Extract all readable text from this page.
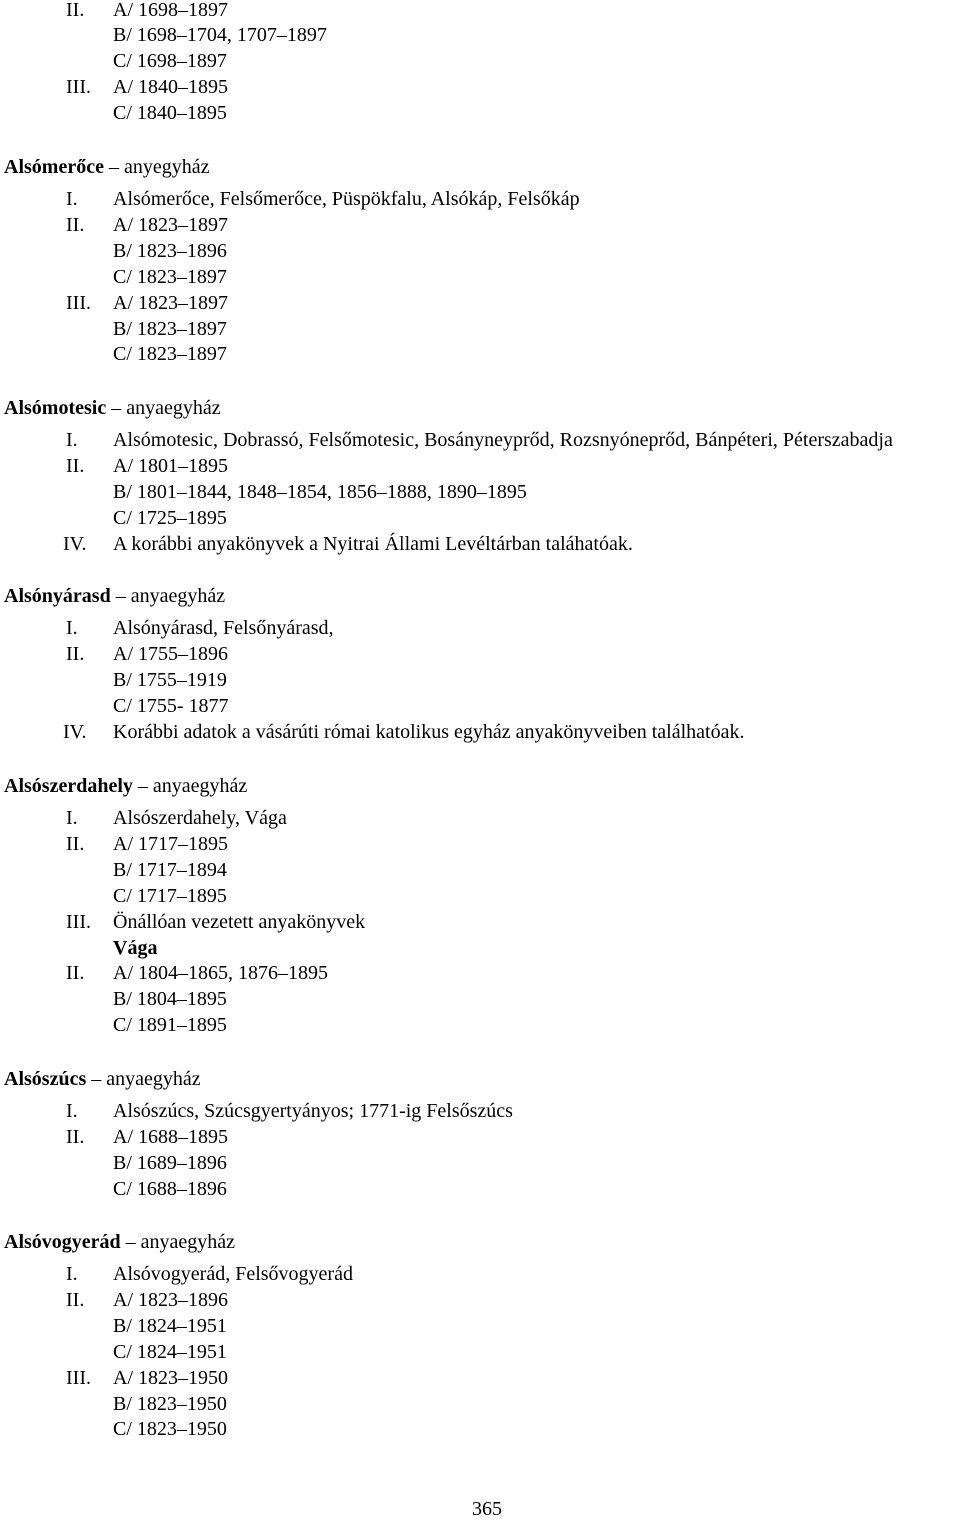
II. A/ 1698–1897
B/ 1698–1704, 1707–1897
C/ 1698–1897
III. A/ 1840–1895
C/ 1840–1895
Alsómerőce – anyegyház
I. Alsómerőce, Felsőmerőce, Püspökfalu, Alsókáp, Felsőkáp
II. A/ 1823–1897
B/ 1823–1896
C/ 1823–1897
III. A/ 1823–1897
B/ 1823–1897
C/ 1823–1897
Alsómotesic – anyaegyház
I. Alsómotesic, Dobrassó, Felsőmotesic, Bosányneyprőd, Rozsnyóneprőd, Bánpéteri, Péterszabadja
II. A/ 1801–1895
B/ 1801–1844, 1848–1854, 1856–1888, 1890–1895
C/ 1725–1895
IV. A korábbi anyakönyvek a Nyitrai Állami Levéltárban taláhatóak.
Alsónyárasd – anyaegyház
I. Alsónyárasd, Felsőnyárasd,
II. A/ 1755–1896
B/ 1755–1919
C/ 1755- 1877
IV. Korábbi adatok a vásárúti római katolikus egyház anyakönyveiben találhatóak.
Alsószerdahely – anyaegyház
I. Alsószerdahely, Vága
II. A/ 1717–1895
B/ 1717–1894
C/ 1717–1895
III. Önállóan vezetett anyakönyvek
Vága
II. A/ 1804–1865, 1876–1895
B/ 1804–1895
C/ 1891–1895
Alsószúcs – anyaegyház
I. Alsószúcs, Szúcsgyertyányos; 1771-ig Felsőszúcs
II. A/ 1688–1895
B/ 1689–1896
C/ 1688–1896
Alsóvogyerád – anyaegyház
I. Alsóvogyerád, Felsővogyerád
II. A/ 1823–1896
B/ 1824–1951
C/ 1824–1951
III. A/ 1823–1950
B/ 1823–1950
C/ 1823–1950
365
